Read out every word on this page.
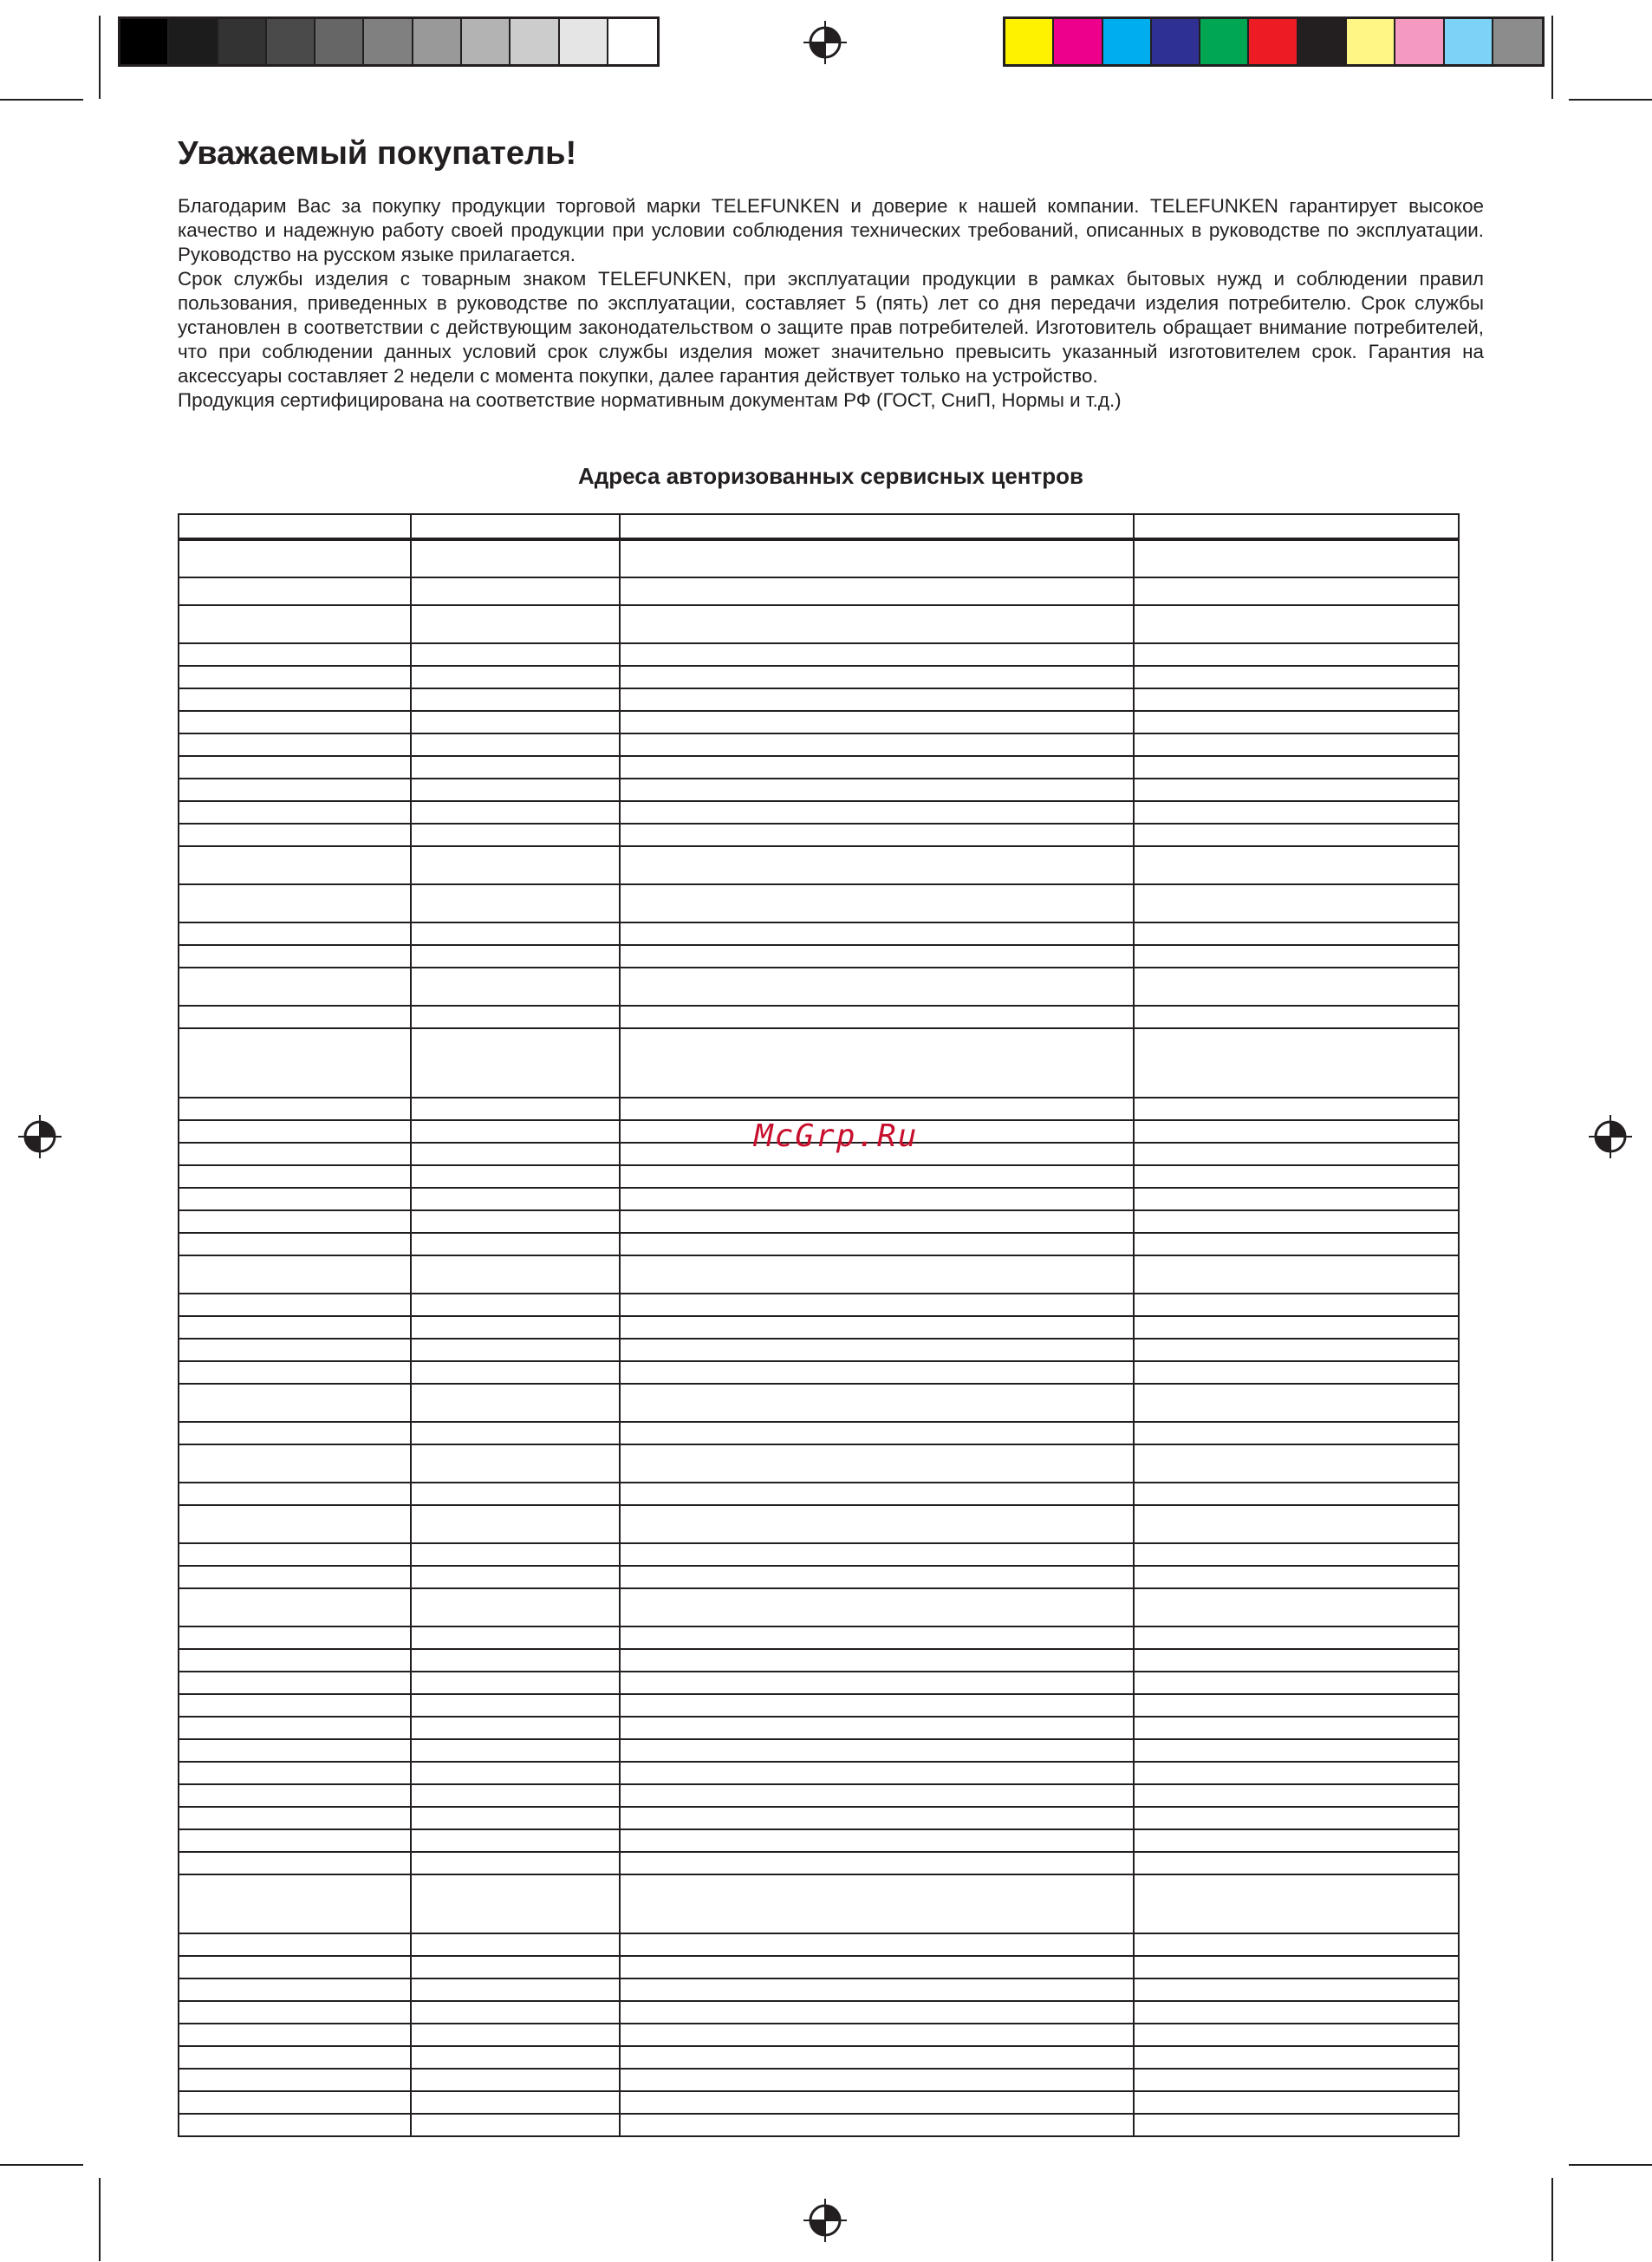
Уважаемый покупатель!

Благодарим Вас за покупку продукции торговой марки TELEFUNKEN и доверие к нашей компании. TELEFUNKEN гарантирует высокое качество и надежную работу своей продукции при условии соблюдения технических требований, описанных в руководстве по эксплуатации. Руководство на русском языке прилагается.

Срок службы изделия с товарным знаком TELEFUNKEN, при эксплуатации продукции в рамках бытовых нужд и соблюдении правил пользования, приведенных в руководстве по эксплуатации, составляет 5 (пять) лет со дня передачи изделия потребителю. Срок службы установлен в соответствии с действующим законодательством о защите прав потребителей. Изготовитель обращает внимание потребителей, что при соблюдении данных условий срок службы изделия может значительно превысить указанный изготовителем срок. Гарантия на аксессуары составляет 2 недели с момента покупки, далее гарантия действует только на устройство.

Продукция сертифицирована на соответствие нормативным документам РФ (ГОСТ, СниП, Нормы и т.д.)

Адреса авторизованных сервисных центров

McGrp.Ru
